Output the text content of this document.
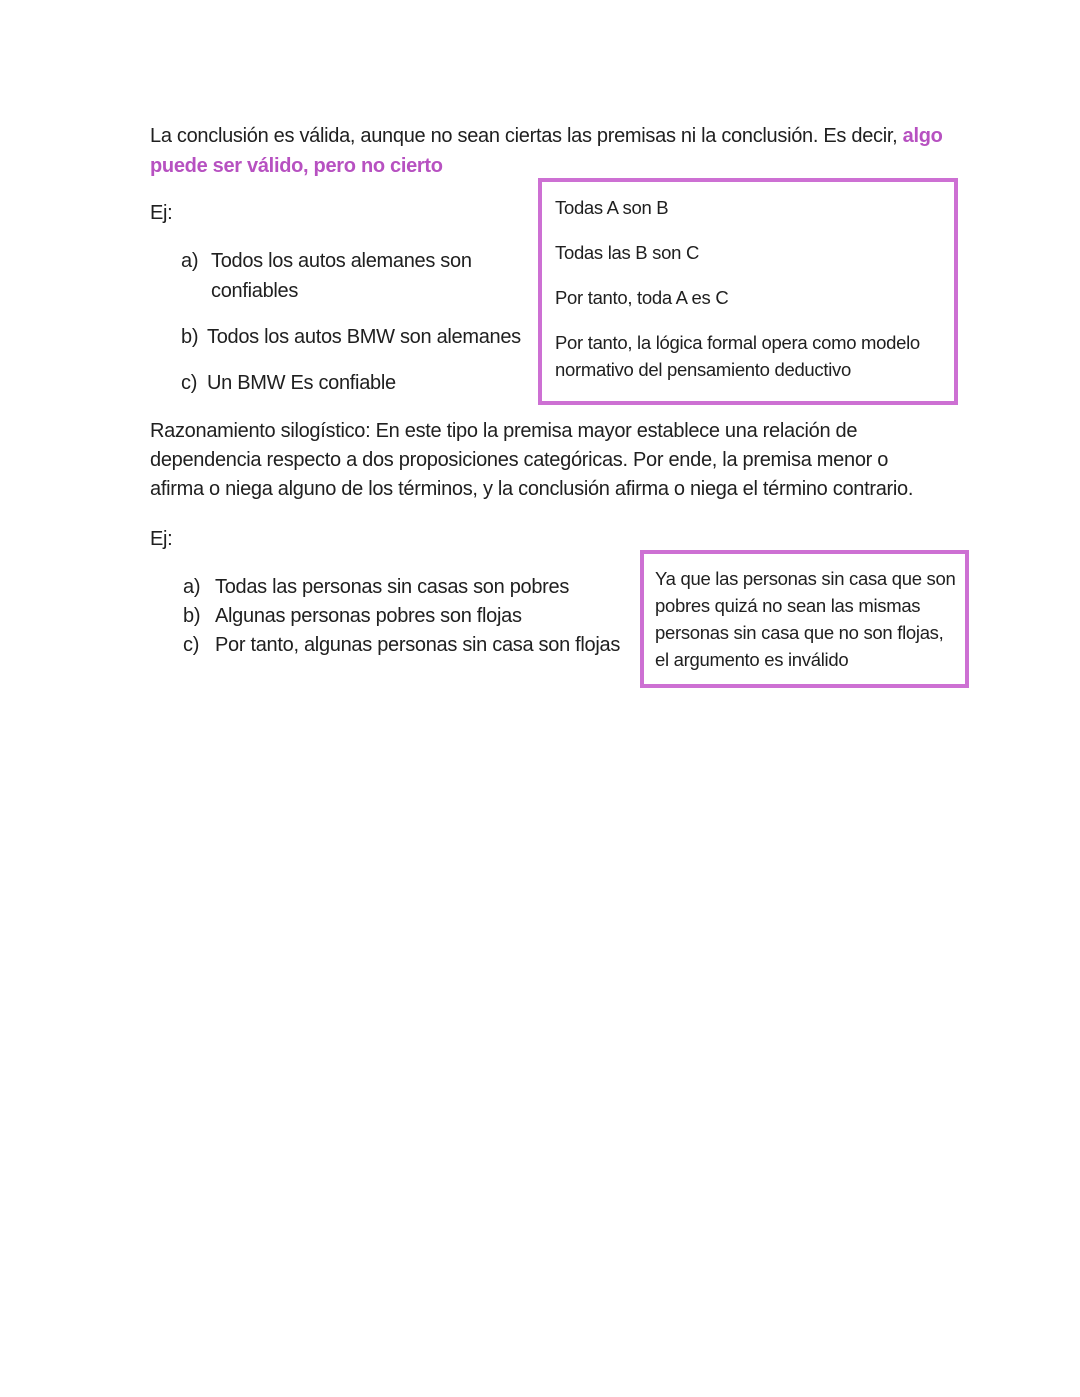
La conclusión es válida, aunque no sean ciertas las premisas ni la conclusión. Es decir, algo
puede ser válido, pero no cierto
Ej:
a) Todos los autos alemanes son
confiables
b) Todos los autos BMW son alemanes
c) Un BMW Es confiable

Todas A son B

Todas las B son C

Por tanto, toda A es C

Por tanto, la lógica formal opera como modelo
normativo del pensamiento deductivo

Razonamiento silogístico: En este tipo la premisa mayor establece una relación de
dependencia respecto a dos proposiciones categóricas. Por ende, la premisa menor o
afirma o niega alguno de los términos, y la conclusión afirma o niega el término contrario.
Ej:
a) Todas las personas sin casas son pobres
b) Algunas personas pobres son flojas
c) Por tanto, algunas personas sin casa son flojas
Ya que las personas sin casa que son
pobres quizá no sean las mismas
personas sin casa que no son flojas,
el argumento es inválido
